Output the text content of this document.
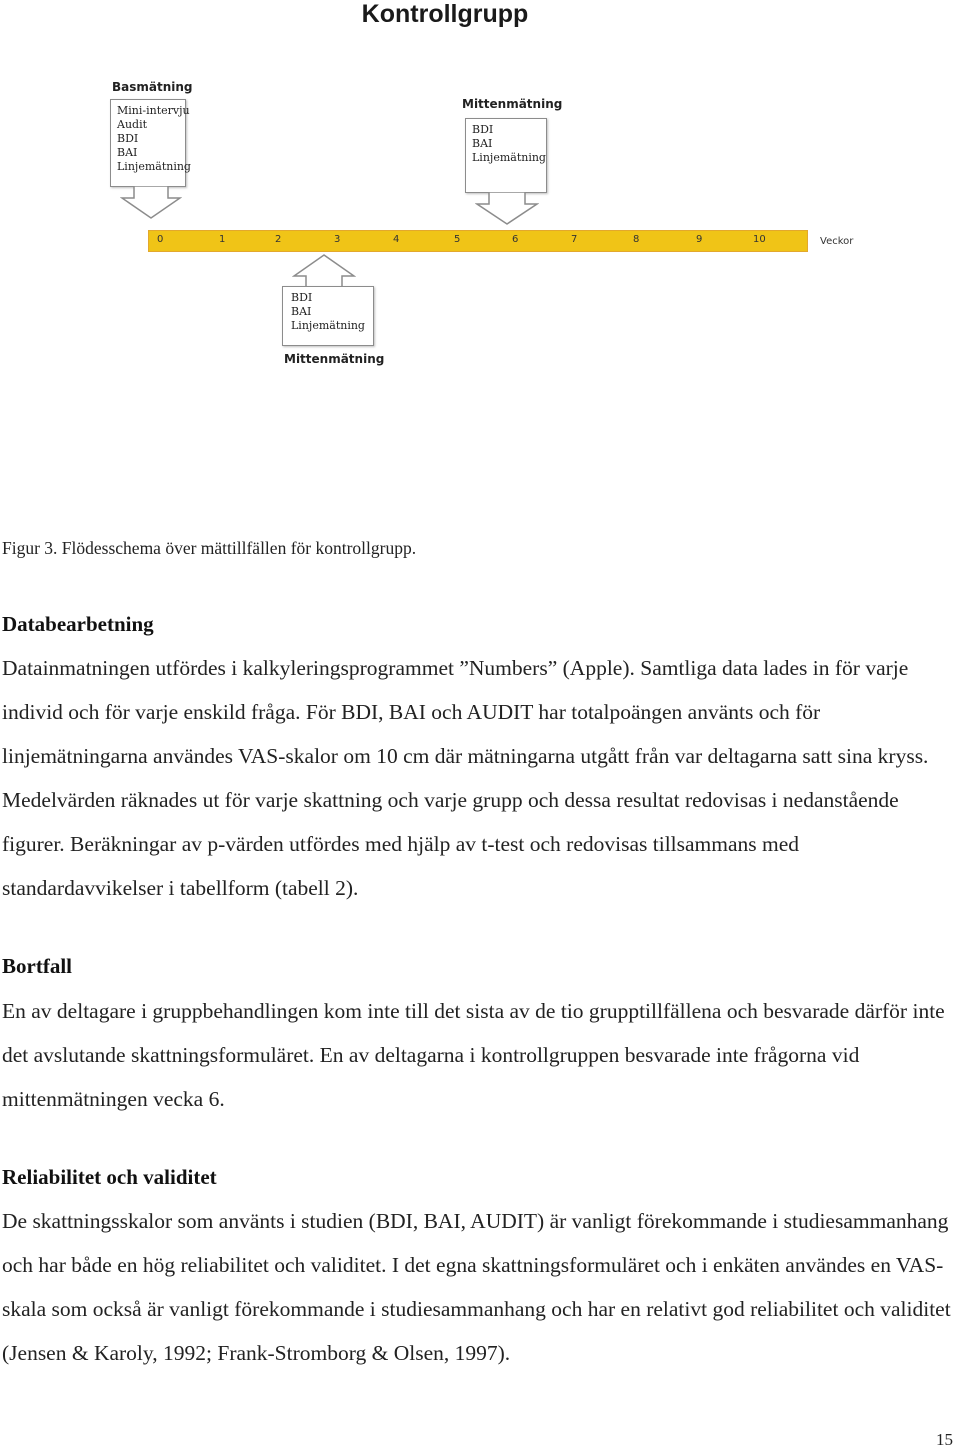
Kontrollgrupp
Basmätning
Mini-intervju
Audit
BDI
BAI
Linjemätning
Mittenmätning
BDI
BAI
Linjemätning
0	1	2	3	4	5	6	7	8	9	10	Veckor
BDI
BAI
Linjemätning
Mittenmätning
Figur 3. Flödesschema över mättillfällen för kontrollgrupp.
Databearbetning
Datainmatningen utfördes i kalkyleringsprogrammet ”Numbers” (Apple). Samtliga data lades in för varje individ och för varje enskild fråga. För BDI, BAI och AUDIT har totalpoängen använts och för linjemätningarna användes VAS-skalor om 10 cm där mätningarna utgått från var deltagarna satt sina kryss. Medelvärden räknades ut för varje skattning och varje grupp och dessa resultat redovisas i nedanstående figurer. Beräkningar av p-värden utfördes med hjälp av t-test och redovisas tillsammans med standardavvikelser i tabellform (tabell 2).
Bortfall
En av deltagare i gruppbehandlingen kom inte till det sista av de tio grupptillfällena och besvarade därför inte det avslutande skattningsformuläret. En av deltagarna i kontrollgruppen besvarade inte frågorna vid mittenmätningen vecka 6.
Reliabilitet och validitet
De skattningsskalor som använts i studien (BDI, BAI, AUDIT) är vanligt förekommande i studiesammanhang och har både en hög reliabilitet och validitet. I det egna skattningsformuläret och i enkäten användes en VAS-skala som också är vanligt förekommande i studiesammanhang och har en relativt god reliabilitet och validitet (Jensen & Karoly, 1992; Frank-Stromborg & Olsen, 1997).
15
